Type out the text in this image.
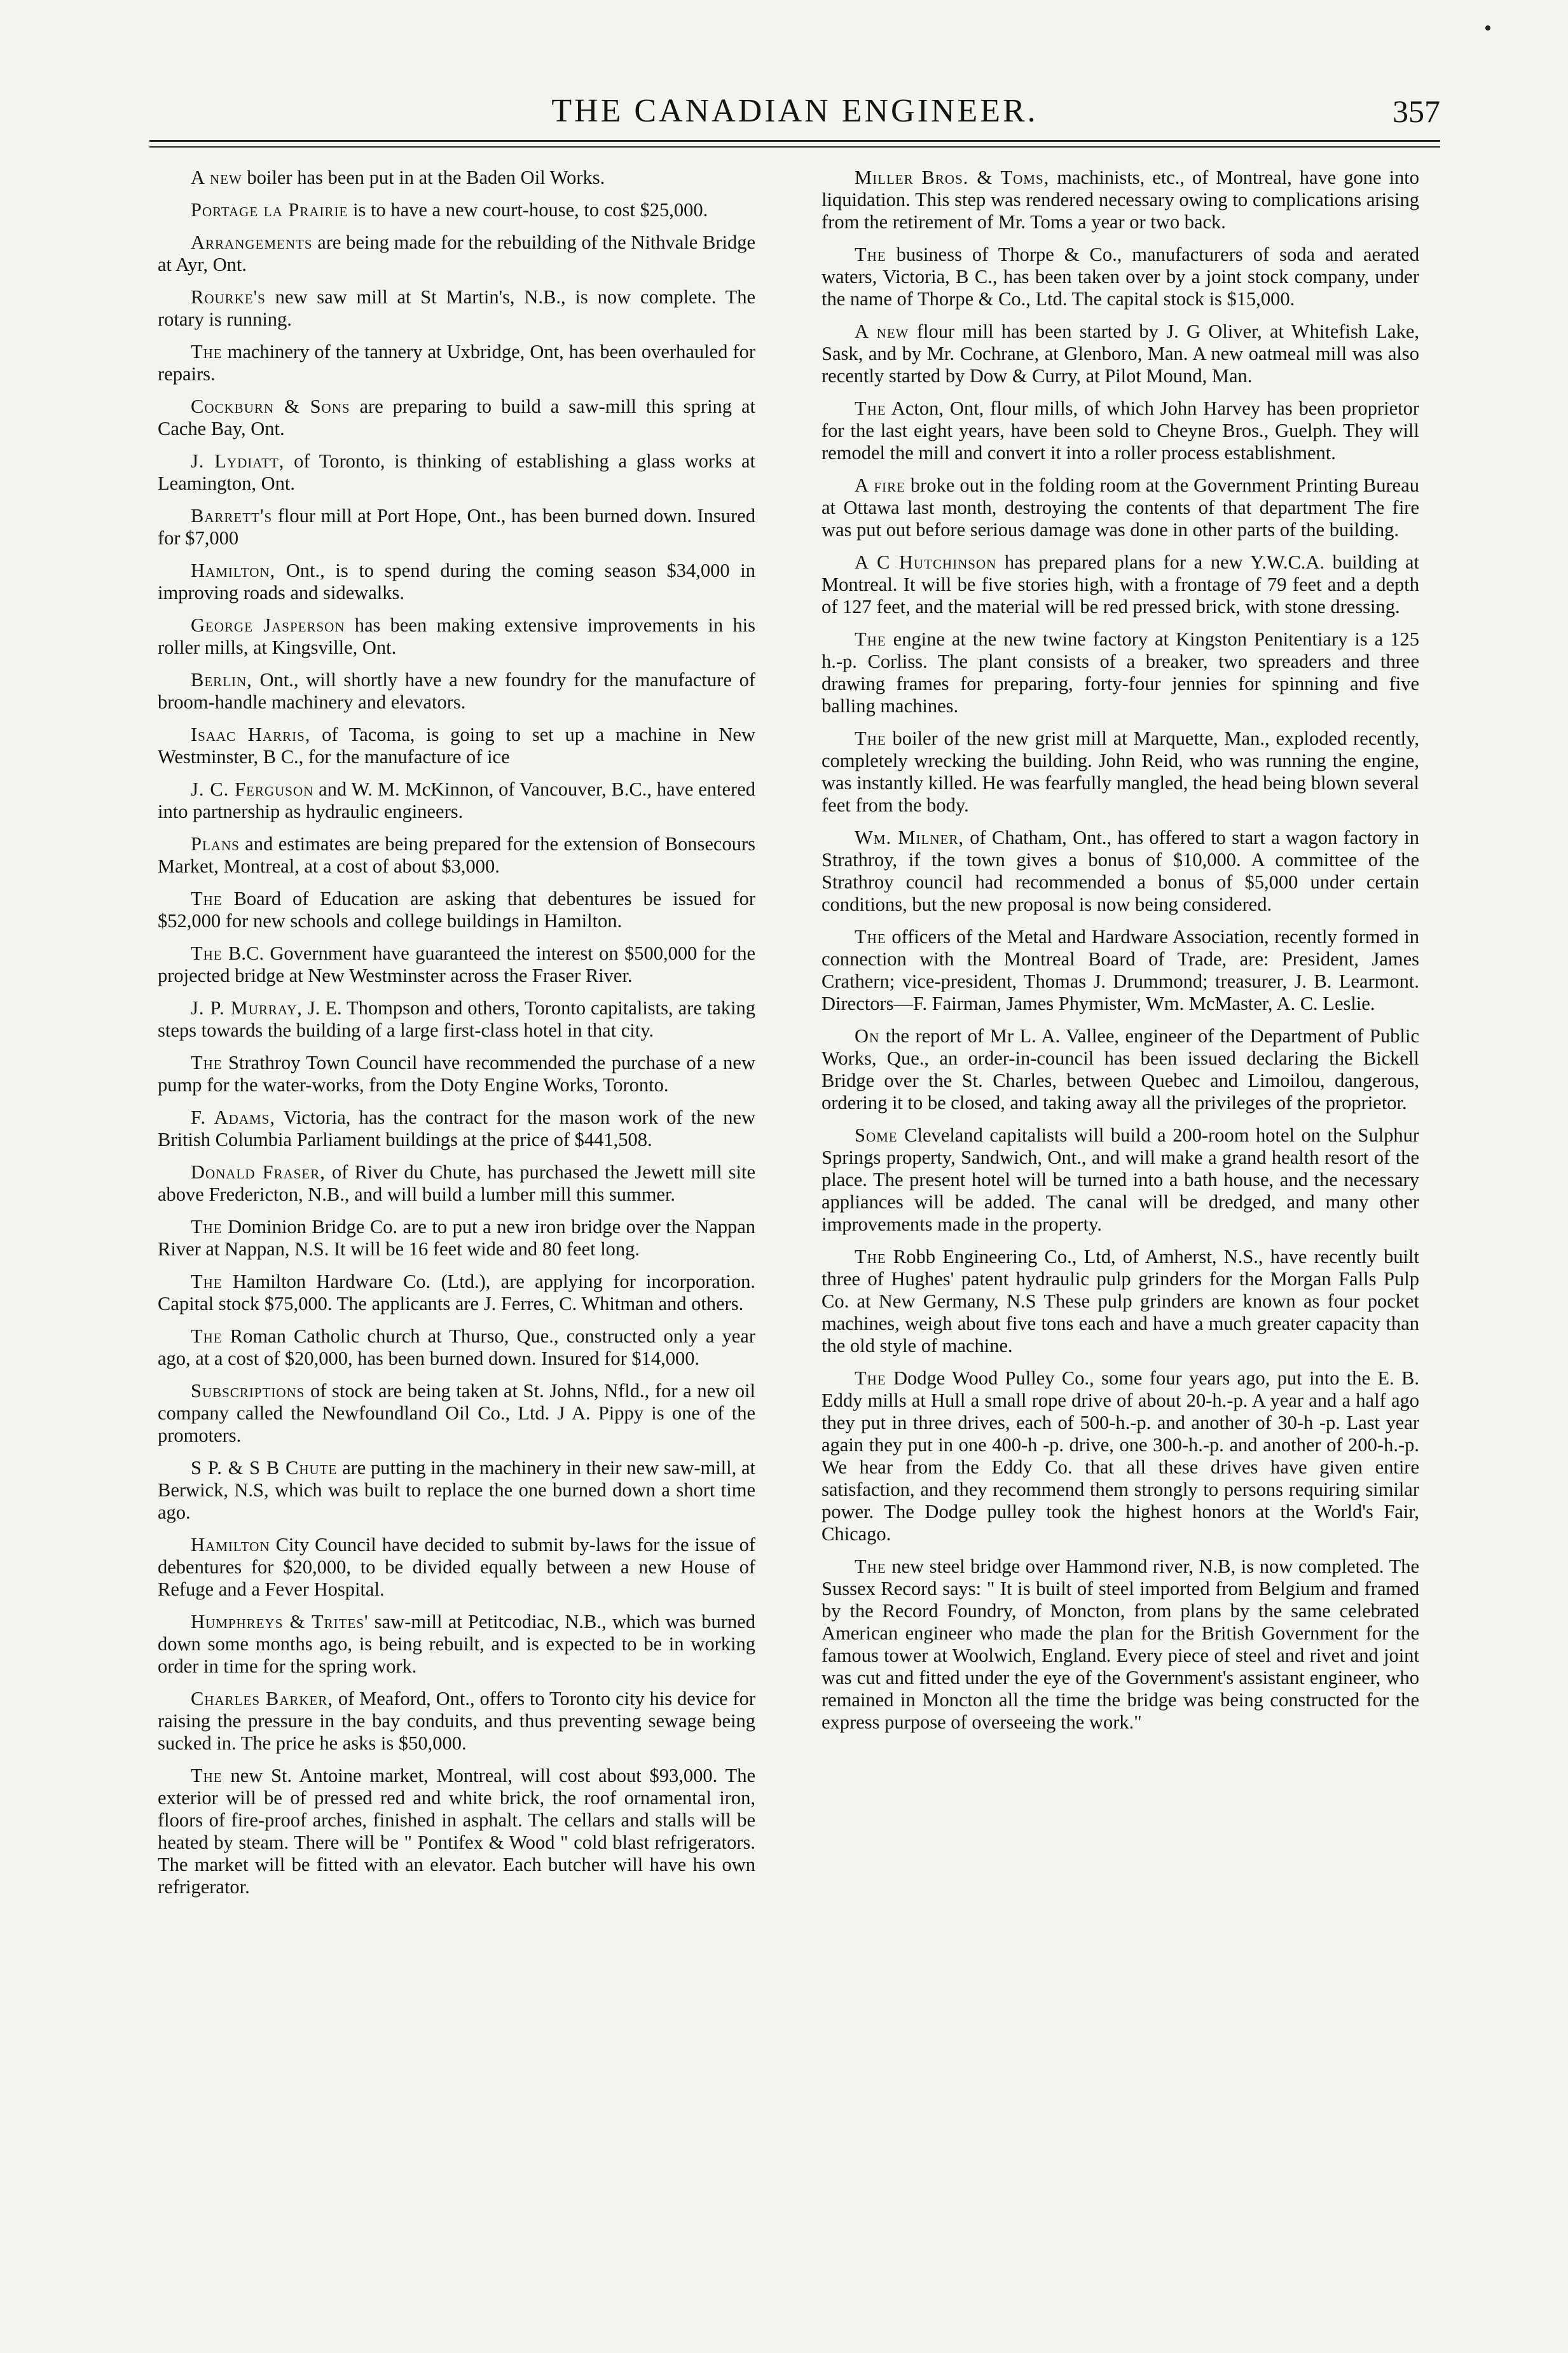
•
THE CANADIAN ENGINEER.	357

A new boiler has been put in at the Baden Oil Works.

Portage la Prairie is to have a new court-house, to cost $25,000.

Arrangements are being made for the rebuilding of the Nithvale Bridge at Ayr, Ont.

Rourke's new saw mill at St Martin's, N.B., is now complete. The rotary is running.

The machinery of the tannery at Uxbridge, Ont, has been overhauled for repairs.

Cockburn & Sons are preparing to build a saw-mill this spring at Cache Bay, Ont.

J. Lydiatt, of Toronto, is thinking of establishing a glass works at Leamington, Ont.

Barrett's flour mill at Port Hope, Ont., has been burned down. Insured for $7,000

Hamilton, Ont., is to spend during the coming season $34,000 in improving roads and sidewalks.

George Jasperson has been making extensive improvements in his roller mills, at Kingsville, Ont.

Berlin, Ont., will shortly have a new foundry for the manufacture of broom-handle machinery and elevators.

Isaac Harris, of Tacoma, is going to set up a machine in New Westminster, B C., for the manufacture of ice

J. C. Ferguson and W. M. McKinnon, of Vancouver, B.C., have entered into partnership as hydraulic engineers.

Plans and estimates are being prepared for the extension of Bonsecours Market, Montreal, at a cost of about $3,000.

The Board of Education are asking that debentures be issued for $52,000 for new schools and college buildings in Hamilton.

The B.C. Government have guaranteed the interest on $500,000 for the projected bridge at New Westminster across the Fraser River.

J. P. Murray, J. E. Thompson and others, Toronto capitalists, are taking steps towards the building of a large first-class hotel in that city.

The Strathroy Town Council have recommended the purchase of a new pump for the water-works, from the Doty Engine Works, Toronto.

F. Adams, Victoria, has the contract for the mason work of the new British Columbia Parliament buildings at the price of $441,508.

Donald Fraser, of River du Chute, has purchased the Jewett mill site above Fredericton, N.B., and will build a lumber mill this summer.

The Dominion Bridge Co. are to put a new iron bridge over the Nappan River at Nappan, N.S. It will be 16 feet wide and 80 feet long.

The Hamilton Hardware Co. (Ltd.), are applying for incorporation. Capital stock $75,000. The applicants are J. Ferres, C. Whitman and others.

The Roman Catholic church at Thurso, Que., constructed only a year ago, at a cost of $20,000, has been burned down. Insured for $14,000.

Subscriptions of stock are being taken at St. Johns, Nfld., for a new oil company called the Newfoundland Oil Co., Ltd. J A. Pippy is one of the promoters.

S P. & S B Chute are putting in the machinery in their new saw-mill, at Berwick, N.S, which was built to replace the one burned down a short time ago.

Hamilton City Council have decided to submit by-laws for the issue of debentures for $20,000, to be divided equally between a new House of Refuge and a Fever Hospital.

Humphreys & Trites' saw-mill at Petitcodiac, N.B., which was burned down some months ago, is being rebuilt, and is expected to be in working order in time for the spring work.

Charles Barker, of Meaford, Ont., offers to Toronto city his device for raising the pressure in the bay conduits, and thus preventing sewage being sucked in. The price he asks is $50,000.

The new St. Antoine market, Montreal, will cost about $93,000. The exterior will be of pressed red and white brick, the roof ornamental iron, floors of fire-proof arches, finished in asphalt. The cellars and stalls will be heated by steam. There will be " Pontifex & Wood " cold blast refrigerators. The market will be fitted with an elevator. Each butcher will have his own refrigerator.

Miller Bros. & Toms, machinists, etc., of Montreal, have gone into liquidation. This step was rendered necessary owing to complications arising from the retirement of Mr. Toms a year or two back.

The business of Thorpe & Co., manufacturers of soda and aerated waters, Victoria, B C., has been taken over by a joint stock company, under the name of Thorpe & Co., Ltd. The capital stock is $15,000.

A new flour mill has been started by J. G Oliver, at Whitefish Lake, Sask, and by Mr. Cochrane, at Glenboro, Man. A new oatmeal mill was also recently started by Dow & Curry, at Pilot Mound, Man.

The Acton, Ont, flour mills, of which John Harvey has been proprietor for the last eight years, have been sold to Cheyne Bros., Guelph. They will remodel the mill and convert it into a roller process establishment.

A fire broke out in the folding room at the Government Printing Bureau at Ottawa last month, destroying the contents of that department The fire was put out before serious damage was done in other parts of the building.

A C Hutchinson has prepared plans for a new Y.W.C.A. building at Montreal. It will be five stories high, with a frontage of 79 feet and a depth of 127 feet, and the material will be red pressed brick, with stone dressing.

The engine at the new twine factory at Kingston Penitentiary is a 125 h.-p. Corliss. The plant consists of a breaker, two spreaders and three drawing frames for preparing, forty-four jennies for spinning and five balling machines.

The boiler of the new grist mill at Marquette, Man., exploded recently, completely wrecking the building. John Reid, who was running the engine, was instantly killed. He was fearfully mangled, the head being blown several feet from the body.

Wm. Milner, of Chatham, Ont., has offered to start a wagon factory in Strathroy, if the town gives a bonus of $10,000. A committee of the Strathroy council had recommended a bonus of $5,000 under certain conditions, but the new proposal is now being considered.

The officers of the Metal and Hardware Association, recently formed in connection with the Montreal Board of Trade, are: President, James Crathern; vice-president, Thomas J. Drummond; treasurer, J. B. Learmont. Directors—F. Fairman, James Phymister, Wm. McMaster, A. C. Leslie.

On the report of Mr L. A. Vallee, engineer of the Department of Public Works, Que., an order-in-council has been issued declaring the Bickell Bridge over the St. Charles, between Quebec and Limoilou, dangerous, ordering it to be closed, and taking away all the privileges of the proprietor.

Some Cleveland capitalists will build a 200-room hotel on the Sulphur Springs property, Sandwich, Ont., and will make a grand health resort of the place. The present hotel will be turned into a bath house, and the necessary appliances will be added. The canal will be dredged, and many other improvements made in the property.

The Robb Engineering Co., Ltd, of Amherst, N.S., have recently built three of Hughes' patent hydraulic pulp grinders for the Morgan Falls Pulp Co. at New Germany, N.S These pulp grinders are known as four pocket machines, weigh about five tons each and have a much greater capacity than the old style of machine.

The Dodge Wood Pulley Co., some four years ago, put into the E. B. Eddy mills at Hull a small rope drive of about 20-h.-p. A year and a half ago they put in three drives, each of 500-h.-p. and another of 30-h -p. Last year again they put in one 400-h -p. drive, one 300-h.-p. and another of 200-h.-p. We hear from the Eddy Co. that all these drives have given entire satisfaction, and they recommend them strongly to persons requiring similar power. The Dodge pulley took the highest honors at the World's Fair, Chicago.

The new steel bridge over Hammond river, N.B, is now completed. The Sussex Record says: " It is built of steel imported from Belgium and framed by the Record Foundry, of Moncton, from plans by the same celebrated American engineer who made the plan for the British Government for the famous tower at Woolwich, England. Every piece of steel and rivet and joint was cut and fitted under the eye of the Government's assistant engineer, who remained in Moncton all the time the bridge was being constructed for the express purpose of overseeing the work."
